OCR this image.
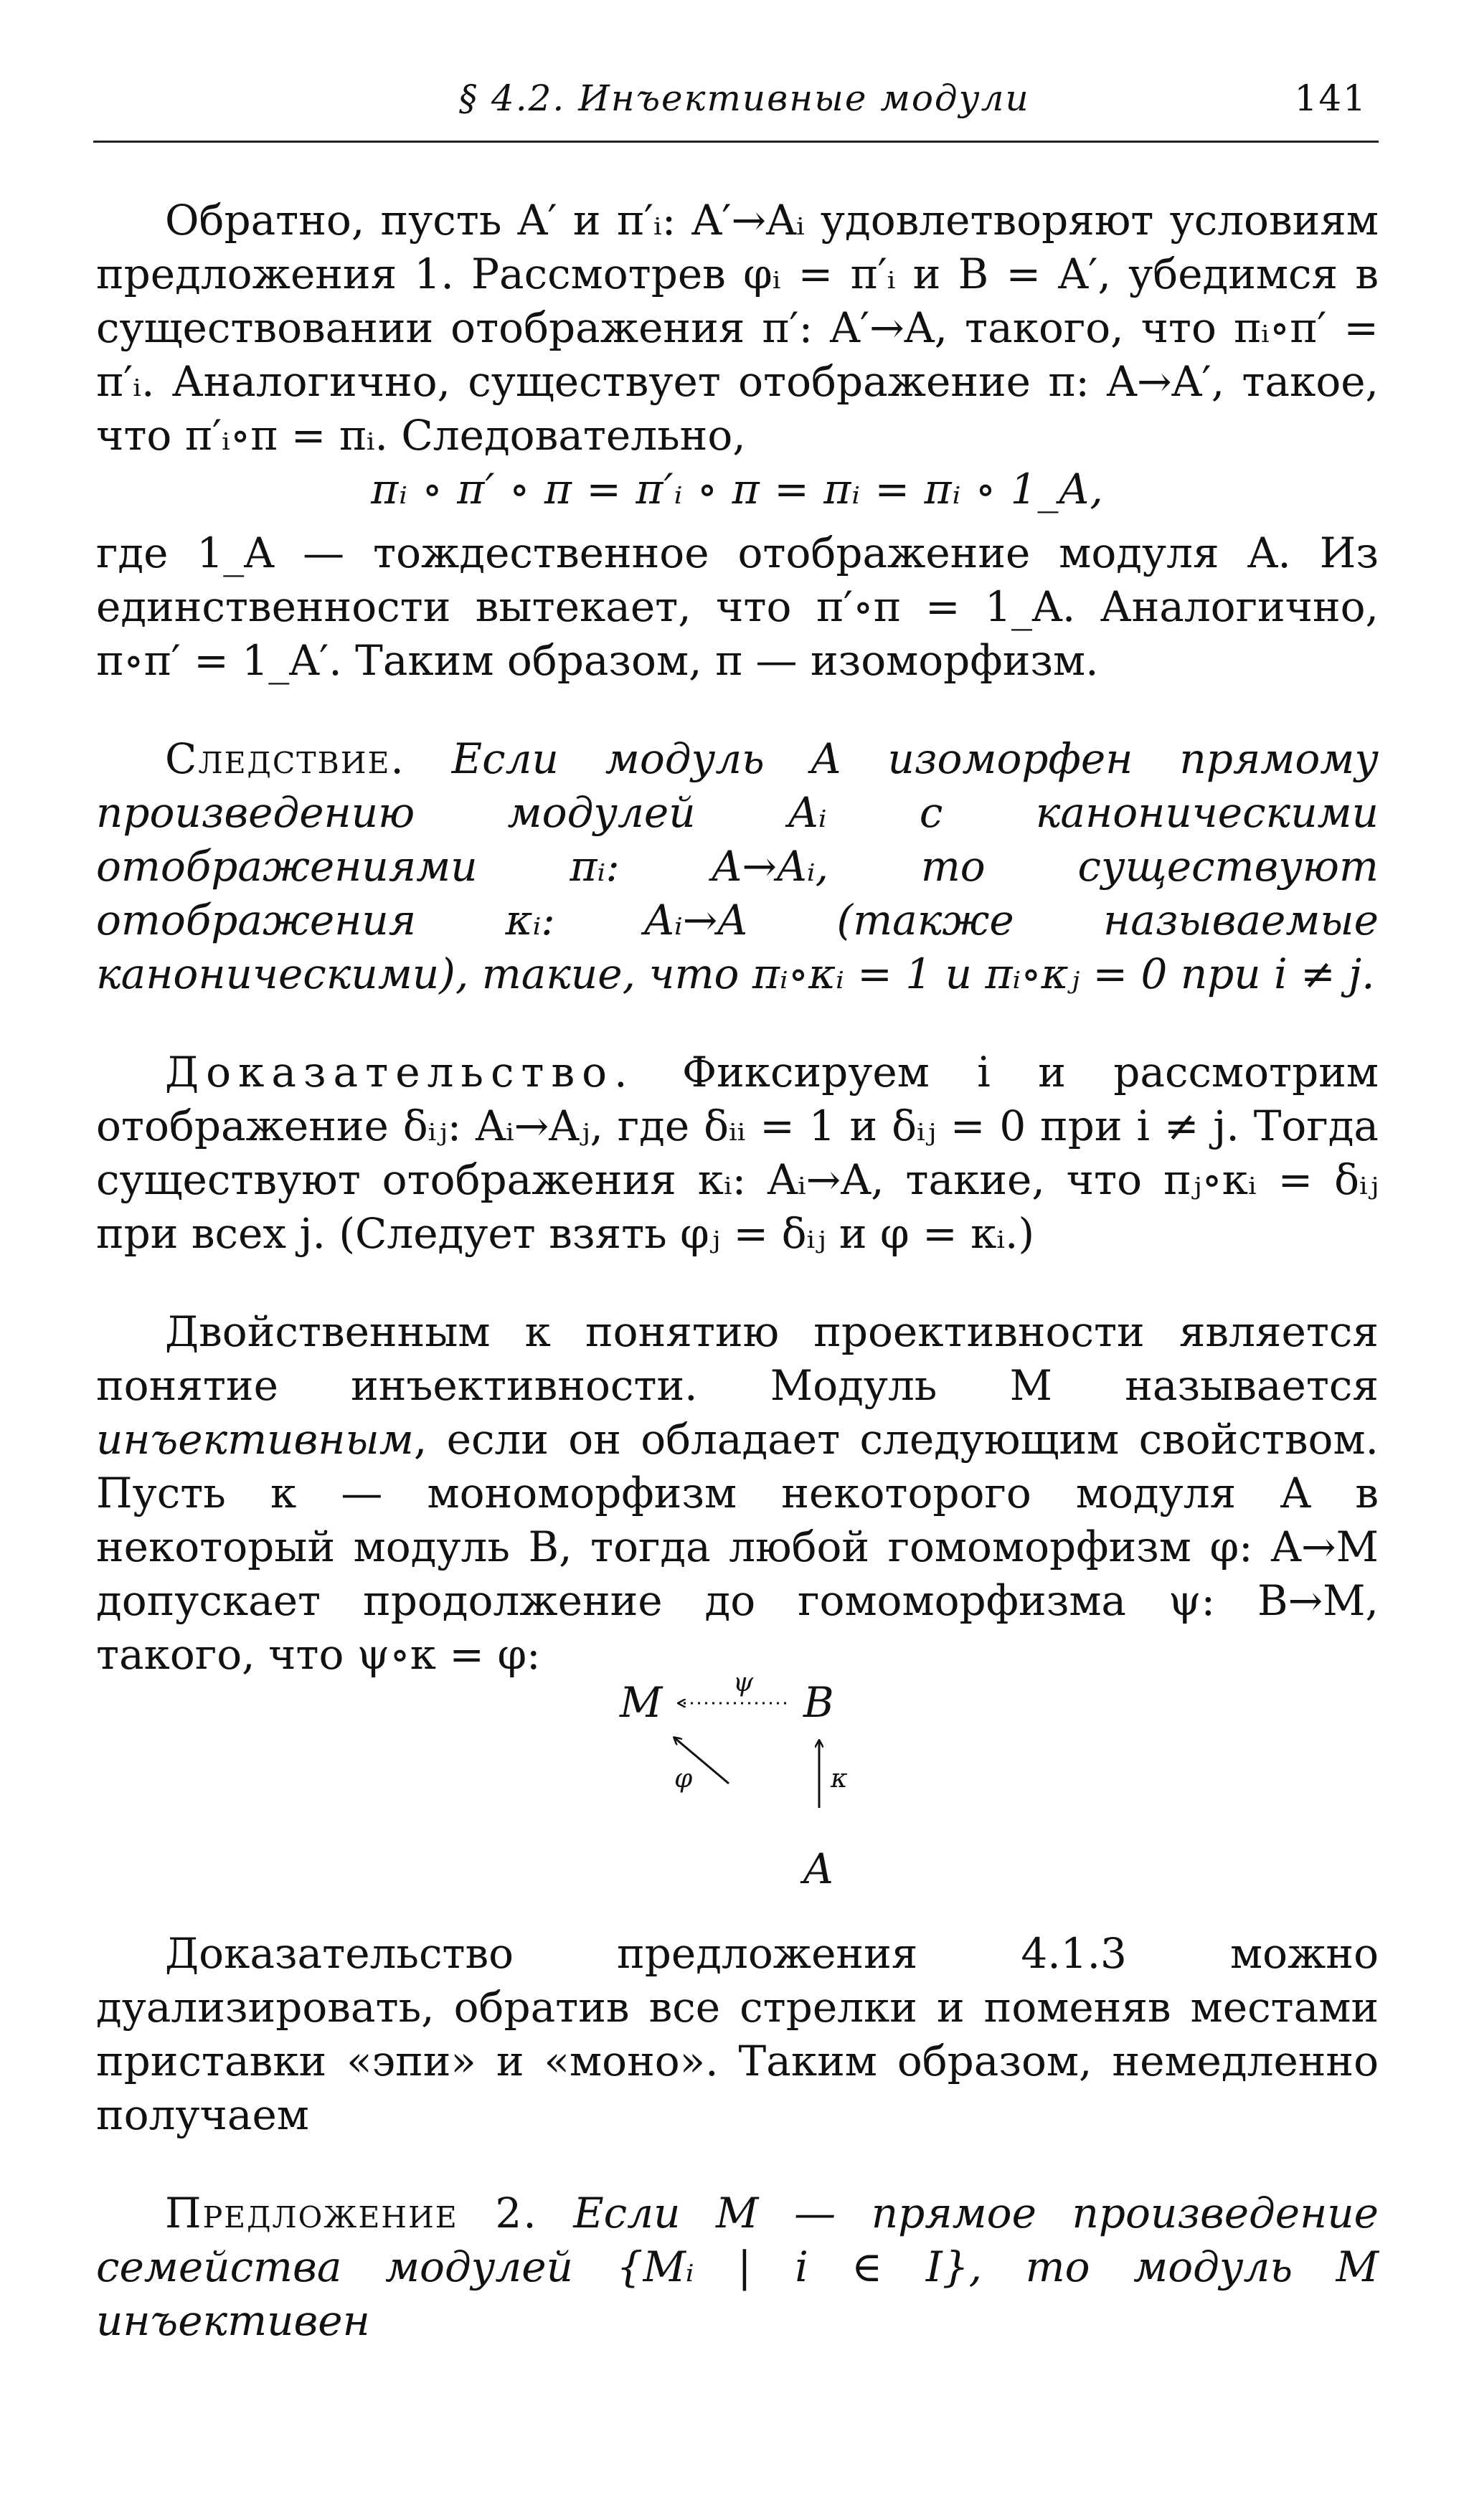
§ 4.2. Инъективные модули	141

Обратно, пусть A′ и π′ᵢ: A′→Aᵢ удовлетворяют условиям предложения 1. Рассмотрев φᵢ = π′ᵢ и B = A′, убедимся в существовании отображения π′: A′→A, такого, что πᵢ∘π′ = π′ᵢ. Аналогично, существует отображение π: A→A′, такое, что π′ᵢ∘π = πᵢ. Следовательно,

πᵢ ∘ π′ ∘ π = π′ᵢ ∘ π = πᵢ = πᵢ ∘ 1_A,

где 1_A — тождественное отображение модуля A. Из единственности вытекает, что π′∘π = 1_A. Аналогично, π∘π′ = 1_A′. Таким образом, π — изоморфизм.

Следствие. Если модуль A изоморфен прямому произведению модулей Aᵢ с каноническими отображениями πᵢ: A→Aᵢ, то существуют отображения κᵢ: Aᵢ→A (также называемые каноническими), такие, что πᵢ∘κᵢ = 1 и πᵢ∘κⱼ = 0 при i ≠ j.

Доказательство. Фиксируем i и рассмотрим отображение δᵢⱼ: Aᵢ→Aⱼ, где δᵢᵢ = 1 и δᵢⱼ = 0 при i ≠ j. Тогда существуют отображения κᵢ: Aᵢ→A, такие, что πⱼ∘κᵢ = δᵢⱼ при всех j. (Следует взять φⱼ = δᵢⱼ и φ = κᵢ.)

Двойственным к понятию проективности является понятие инъективности. Модуль M называется инъективным, если он обладает следующим свойством. Пусть κ — мономорфизм некоторого модуля A в некоторый модуль B, тогда любой гомоморфизм φ: A→M допускает продолжение до гомоморфизма ψ: B→M, такого, что ψ∘κ = φ:

M	B
A
ψ
φ	κ

Доказательство предложения 4.1.3 можно дуализировать, обратив все стрелки и поменяв местами приставки «эпи» и «моно». Таким образом, немедленно получаем

Предложение 2. Если M — прямое произведение семейства модулей {Mᵢ | i ∈ I}, то модуль M инъективен
